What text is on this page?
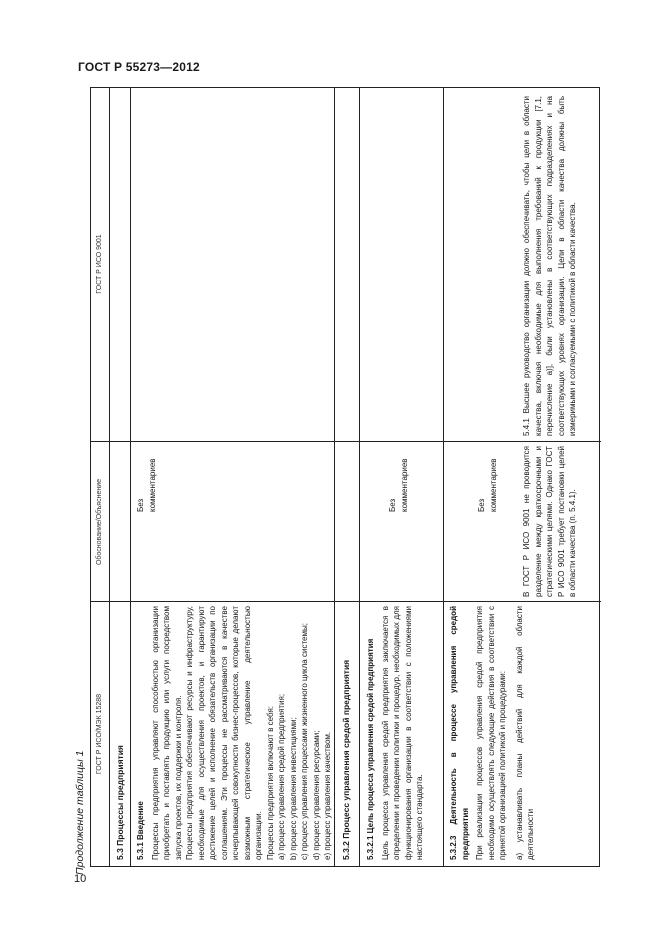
ГОСТ Р 55273—2012
10
Продолжение таблицы 1
ГОСТ Р ИСО/МЭК 15288
Обоснование/Объяснение
ГОСТ Р ИСО 9001
5.3 Процессы предприятия 5.3.1 Введение Процессы предприятия управляют способностью организации приобретать и поставлять продукцию или услуги посредством запуска проектов, их поддержки и контроля. Процессы предприятия обеспечивают ресурсы и инфраструктуру, необходимые для осуществления проектов, и гарантируют достижение целей и исполнение обязательств организации по соглашениям. Эти процессы не рассматриваются в качестве исчерпывающей совокупности бизнес-процессов, которые делают возможным стратегическое управление деятельностью организации. Процессы предприятия включают в себя: a) процесс управления средой предприятия; b) процесс управления инвестициями; c) процесс управления процессами жизненного цикла системы; d) процесс управления ресурсами; e) процесс управления качеством.

Без комментариев
5.3.2 Процесс управления средой предприятия 5.3.2.1 Цель процесса управления средой предприятия Цель процесса управления средой предприятия заключается в определении и проведении политики и процедур, необходимых для функционирования организации в соответствии с положениями настоящего стандарта.

Без комментариев

5.3.2.3 Деятельность в процессе управления средой предприятия При реализации процессов управления средой предприятия необходимо осуществлять следующие действия в соответствии с принятой организацией политикой и процедурами: a) устанавливать планы действий для каждой области деятельности

Без комментариев	В ГОСТ Р ИСО 9001 не проводится разделение между краткосрочными и стратегическими целями. Однако ГОСТ Р ИСО 9001 требует постановки целей в области качества (п. 5.4.1).
5.4.1 Высшее руководство организации должно обеспечивать, чтобы цели в области качества, включая необходимые для выполнения требований к продукции [7.1, перечисление a)], были установлены в соответствующих подразделениях и на соответствующих уровнях организации. Цели в области качества должны быть измеримыми и согласуемыми с политикой в области качества.
